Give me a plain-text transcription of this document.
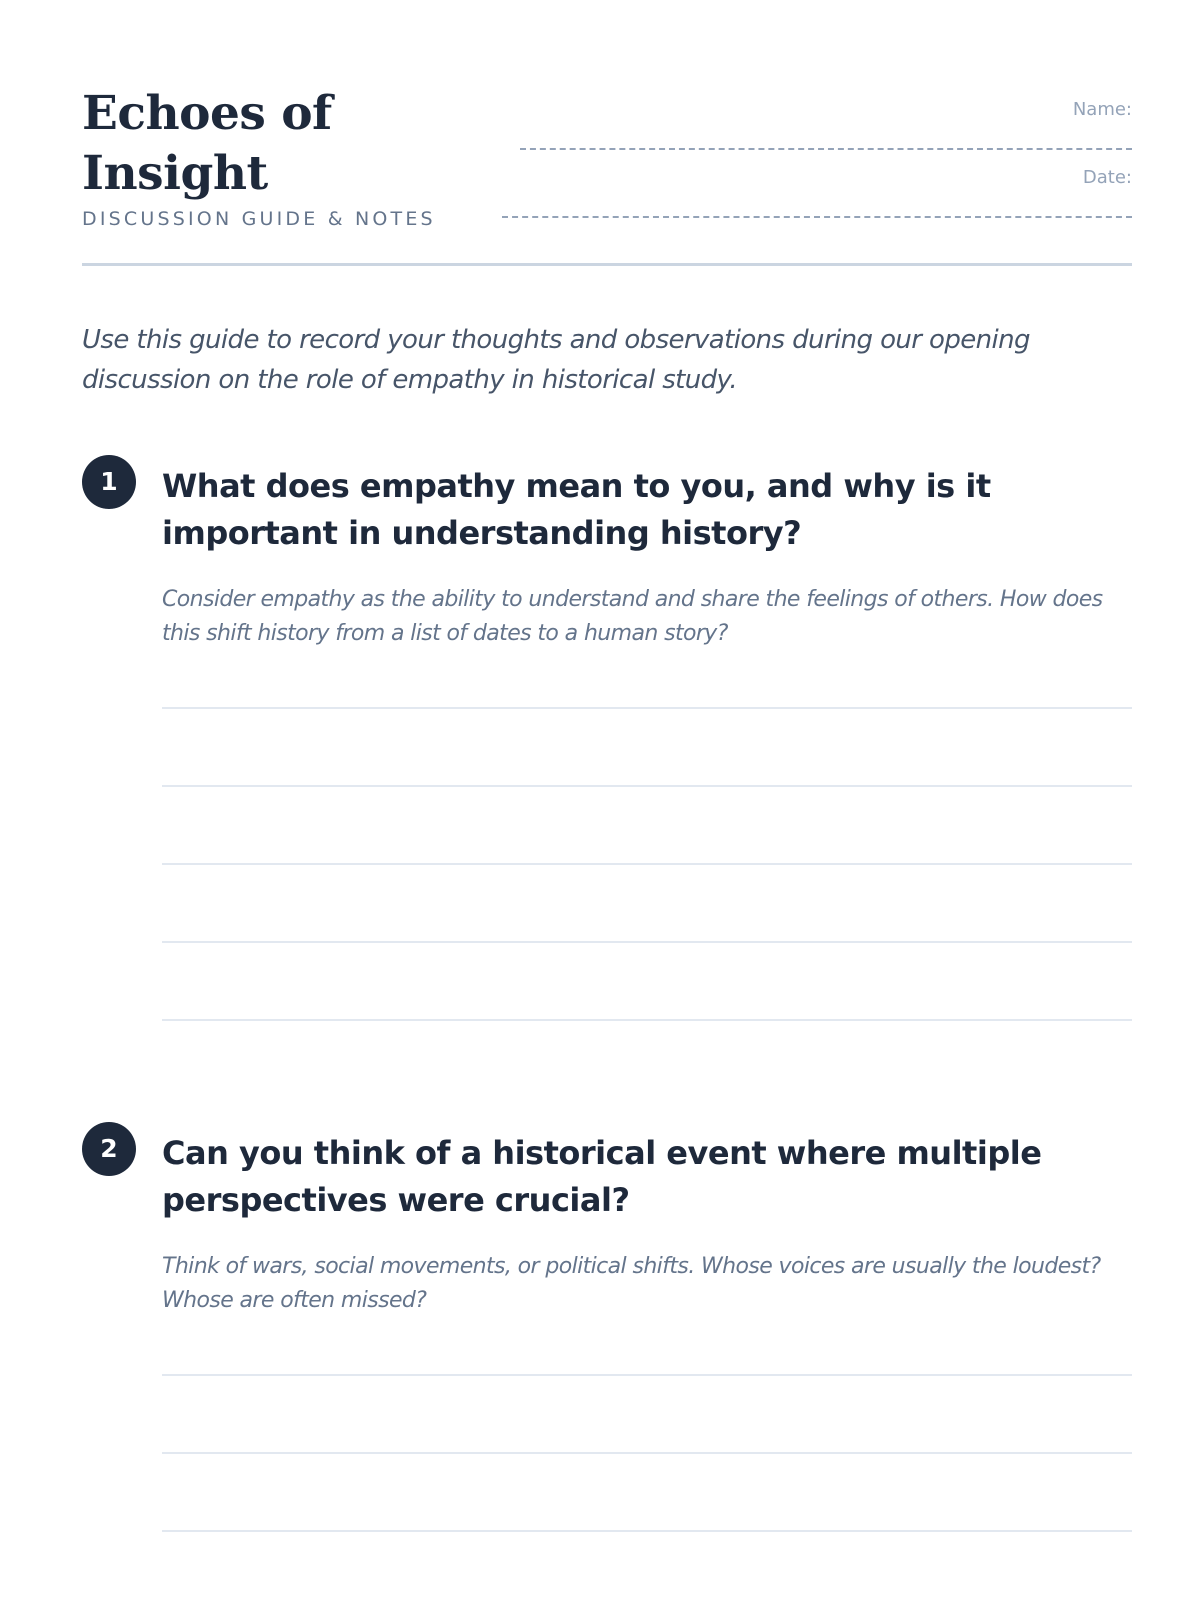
Echoes of
Insight
DISCUSSION GUIDE & NOTES
Name:
Date:

Use this guide to record your thoughts and observations during our opening discussion on the role of empathy in historical study.

1	What does empathy mean to you, and why is it important in understanding history?

Consider empathy as the ability to understand and share the feelings of others. How does this shift history from a list of dates to a human story?

2	Can you think of a historical event where multiple perspectives were crucial?

Think of wars, social movements, or political shifts. Whose voices are usually the loudest? Whose are often missed?
